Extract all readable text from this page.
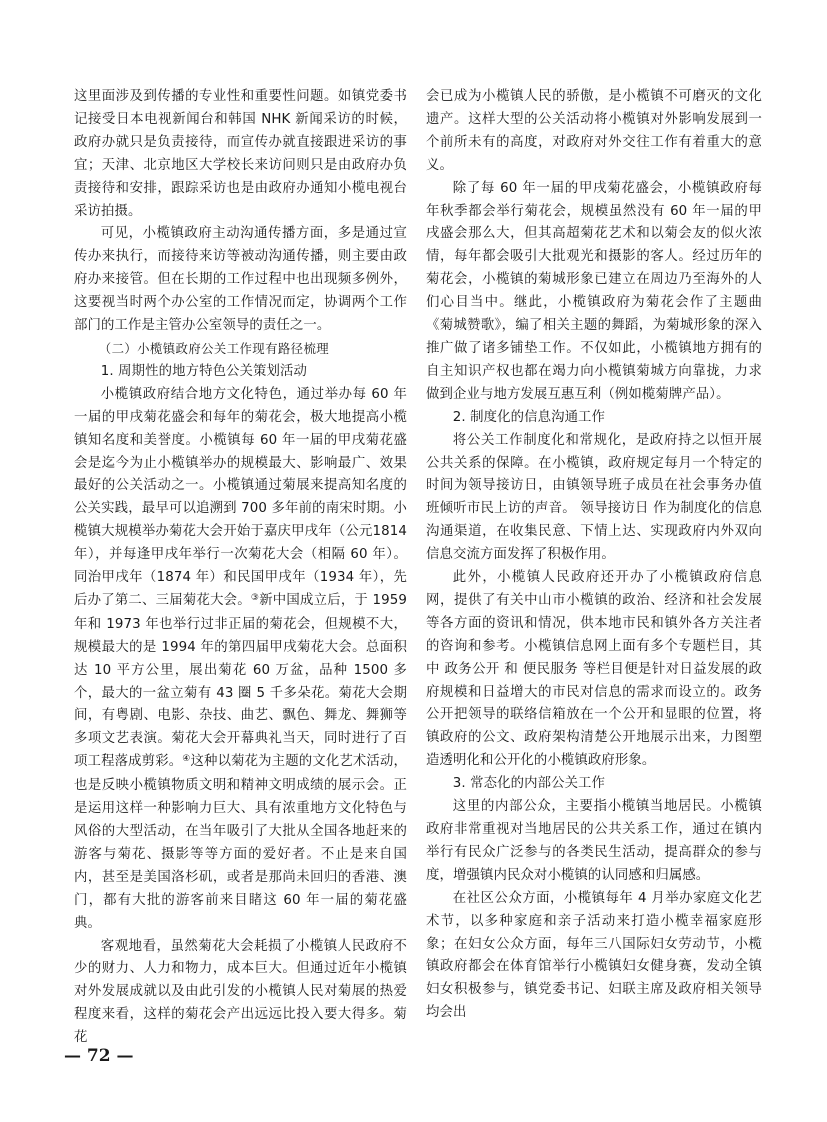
这里面涉及到传播的专业性和重要性问题。如镇党委书记接受日本电视新闻台和韩国 NHK 新闻采访的时候，政府办就只是负责接待，而宣传办就直接跟进采访的事宜；天津、北京地区大学校长来访问则只是由政府办负责接待和安排，跟踪采访也是由政府办通知小榄电视台采访拍摄。

可见，小榄镇政府主动沟通传播方面，多是通过宣传办来执行，而接待来访等被动沟通传播，则主要由政府办来接管。但在长期的工作过程中也出现频多例外，这要视当时两个办公室的工作情况而定，协调两个工作部门的工作是主管办公室领导的责任之一。

（二）小榄镇政府公关工作现有路径梳理

1. 周期性的地方特色公关策划活动

小榄镇政府结合地方文化特色，通过举办每 60 年一届的甲戌菊花盛会和每年的菊花会，极大地提高小榄镇知名度和美誉度。小榄镇每 60 年一届的甲戌菊花盛会是迄今为止小榄镇举办的规模最大、影响最广、效果最好的公关活动之一。小榄镇通过菊展来提高知名度的公关实践，最早可以追溯到 700 多年前的南宋时期。小榄镇大规模举办菊花大会开始于嘉庆甲戌年（公元1814 年），并每逢甲戌年举行一次菊花大会（相隔 60 年）。同治甲戌年（1874 年）和民国甲戌年（1934 年），先后办了第二、三届菊花大会。③新中国成立后，于 1959 年和 1973 年也举行过非正届的菊花会，但规模不大，规模最大的是 1994 年的第四届甲戌菊花大会。总面积达 10 平方公里，展出菊花 60 万盆，品种 1500 多个，最大的一盆立菊有 43 圈 5 千多朵花。菊花大会期间，有粤剧、电影、杂技、曲艺、飘色、舞龙、舞狮等多项文艺表演。菊花大会开幕典礼当天，同时进行了百项工程落成剪彩。④这种以菊花为主题的文化艺术活动，也是反映小榄镇物质文明和精神文明成绩的展示会。正是运用这样一种影响力巨大、具有浓重地方文化特色与风俗的大型活动，在当年吸引了大批从全国各地赶来的游客与菊花、摄影等等方面的爱好者。不止是来自国内，甚至是美国洛杉矶，或者是那尚未回归的香港、澳门，都有大批的游客前来目睹这 60 年一届的菊花盛典。

客观地看，虽然菊花大会耗损了小榄镇人民政府不少的财力、人力和物力，成本巨大。但通过近年小榄镇对外发展成就以及由此引发的小榄镇人民对菊展的热爱程度来看，这样的菊花会产出远远比投入要大得多。菊花

会已成为小榄镇人民的骄傲，是小榄镇不可磨灭的文化遗产。这样大型的公关活动将小榄镇对外影响发展到一个前所未有的高度，对政府对外交往工作有着重大的意义。

除了每 60 年一届的甲戌菊花盛会，小榄镇政府每年秋季都会举行菊花会，规模虽然没有 60 年一届的甲戌盛会那么大，但其高超菊花艺术和以菊会友的似火浓情，每年都会吸引大批观光和摄影的客人。经过历年的菊花会，小榄镇的菊城形象已建立在周边乃至海外的人们心目当中。继此，小榄镇政府为菊花会作了主题曲《菊城赞歌》，编了相关主题的舞蹈，为菊城形象的深入推广做了诸多铺垫工作。不仅如此，小榄镇地方拥有的自主知识产权也都在竭力向小榄镇菊城方向靠拢，力求做到企业与地方发展互惠互利（例如榄菊牌产品）。

2. 制度化的信息沟通工作

将公关工作制度化和常规化，是政府持之以恒开展公共关系的保障。在小榄镇，政府规定每月一个特定的时间为领导接访日，由镇领导班子成员在社会事务办值班倾听市民上访的声音。 领导接访日 作为制度化的信息沟通渠道，在收集民意、下情上达、实现政府内外双向信息交流方面发挥了积极作用。

此外，小榄镇人民政府还开办了小榄镇政府信息网，提供了有关中山市小榄镇的政治、经济和社会发展等各方面的资讯和情况，供本地市民和镇外各方关注者的咨询和参考。小榄镇信息网上面有多个专题栏目，其中 政务公开 和 便民服务 等栏目便是针对日益发展的政府规模和日益增大的市民对信息的需求而设立的。政务公开把领导的联络信箱放在一个公开和显眼的位置，将镇政府的公文、政府架构清楚公开地展示出来，力图塑造透明化和公开化的小榄镇政府形象。

3. 常态化的内部公关工作

这里的内部公众，主要指小榄镇当地居民。小榄镇政府非常重视对当地居民的公共关系工作，通过在镇内举行有民众广泛参与的各类民生活动，提高群众的参与度，增强镇内民众对小榄镇的认同感和归属感。

在社区公众方面，小榄镇每年 4 月举办家庭文化艺术节，以多种家庭和亲子活动来打造小榄幸福家庭形象；在妇女公众方面，每年三八国际妇女劳动节，小榄镇政府都会在体育馆举行小榄镇妇女健身赛，发动全镇妇女积极参与，镇党委书记、妇联主席及政府相关领导均会出

— 72 —
